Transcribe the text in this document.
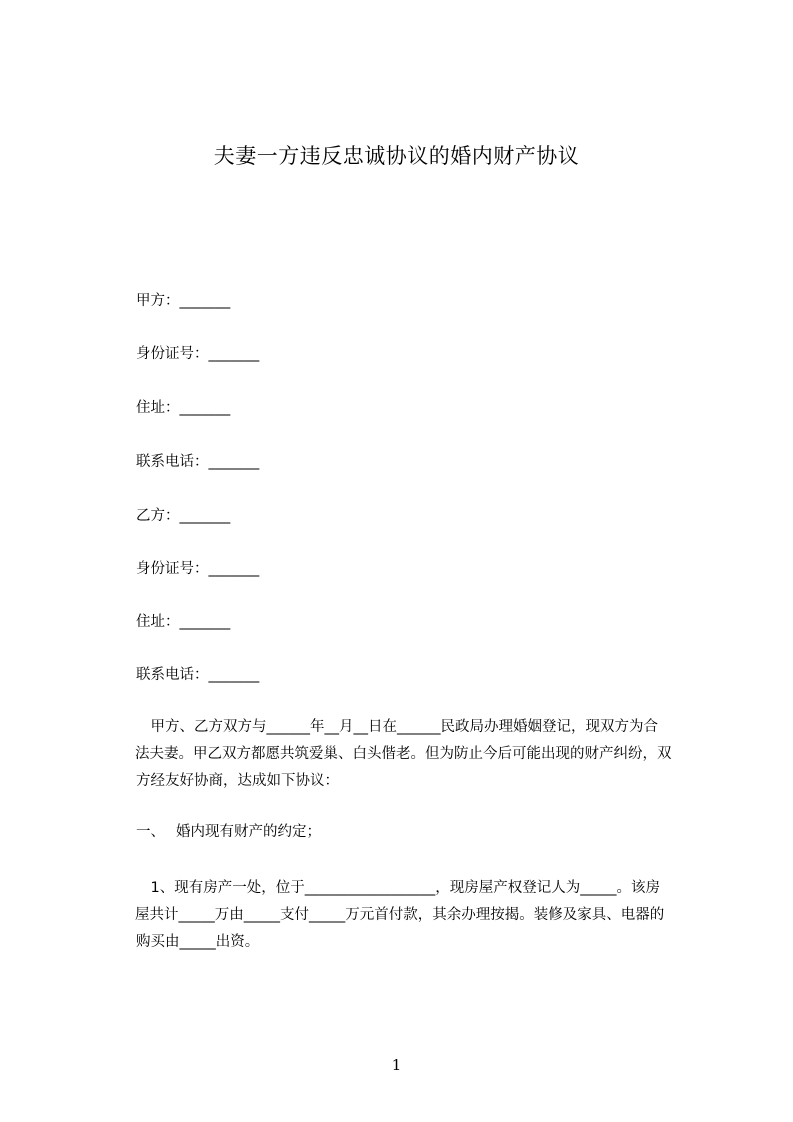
夫妻一方违反忠诚协议的婚内财产协议
甲方：_______
身份证号：_______
住址：_______
联系电话：_______
乙方：_______
身份证号：_______
住址：_______
联系电话：_______
　甲方、乙方双方与______年__月__日在______民政局办理婚姻登记，现双方为合
法夫妻。甲乙双方都愿共筑爱巢、白头偕老。但为防止今后可能出现的财产纠纷，双
方经友好协商，达成如下协议：
一、 婚内现有财产的约定；
　1、现有房产一处，位于__________________，现房屋产权登记人为_____。该房
屋共计_____万由_____支付_____万元首付款，其余办理按揭。装修及家具、电器的
购买由_____出资。
1
